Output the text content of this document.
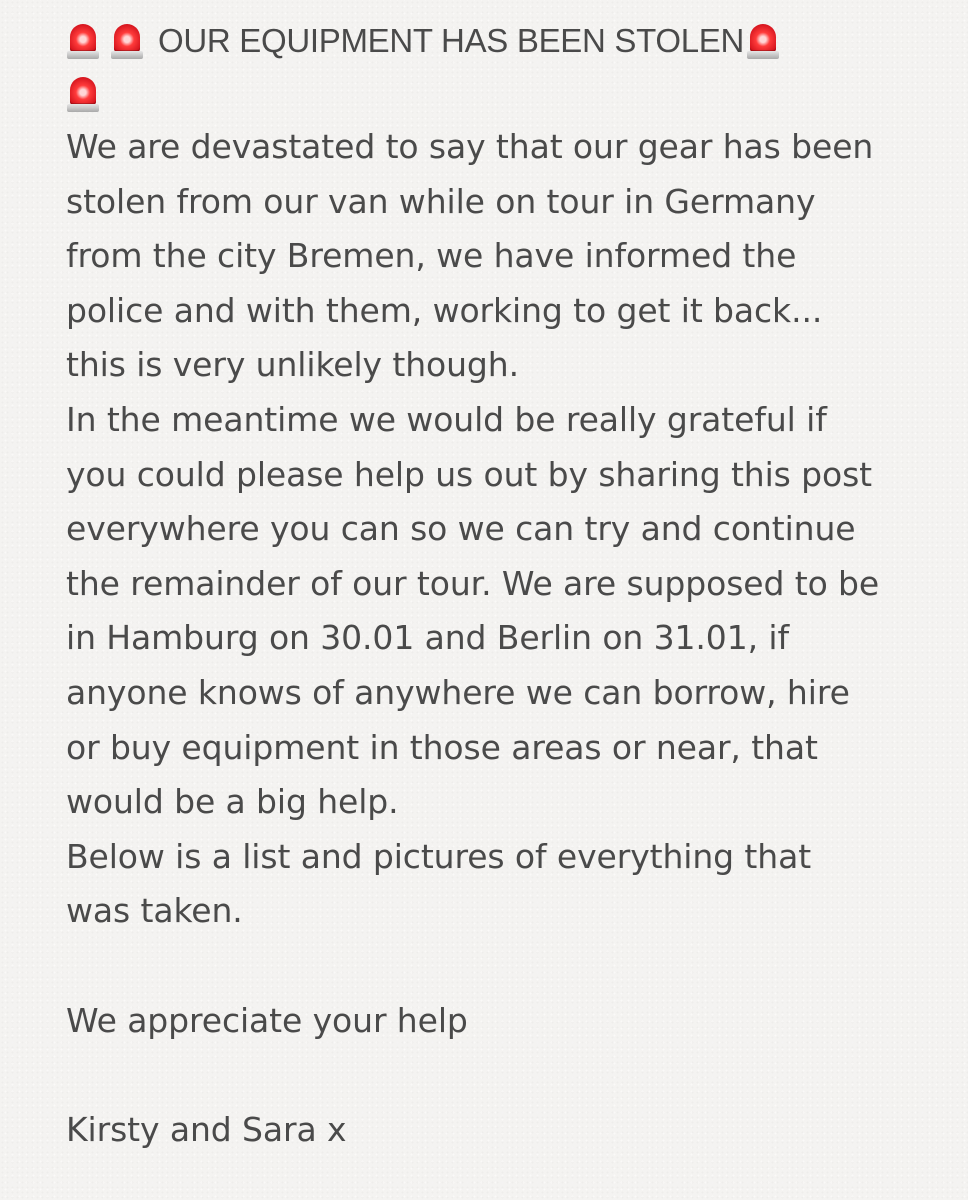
OUR EQUIPMENT HAS BEEN STOLEN

We are devastated to say that our gear has been

stolen from our van while on tour in Germany

from the city Bremen, we have informed the

police and with them, working to get it back...

this is very unlikely though.

In the meantime we would be really grateful if

you could please help us out by sharing this post

everywhere you can so we can try and continue

the remainder of our tour. We are supposed to be

in Hamburg on 30.01 and Berlin on 31.01, if

anyone knows of anywhere we can borrow, hire

or buy equipment in those areas or near, that

would be a big help.

Below is a list and pictures of everything that

was taken.

We appreciate your help

Kirsty and Sara x
